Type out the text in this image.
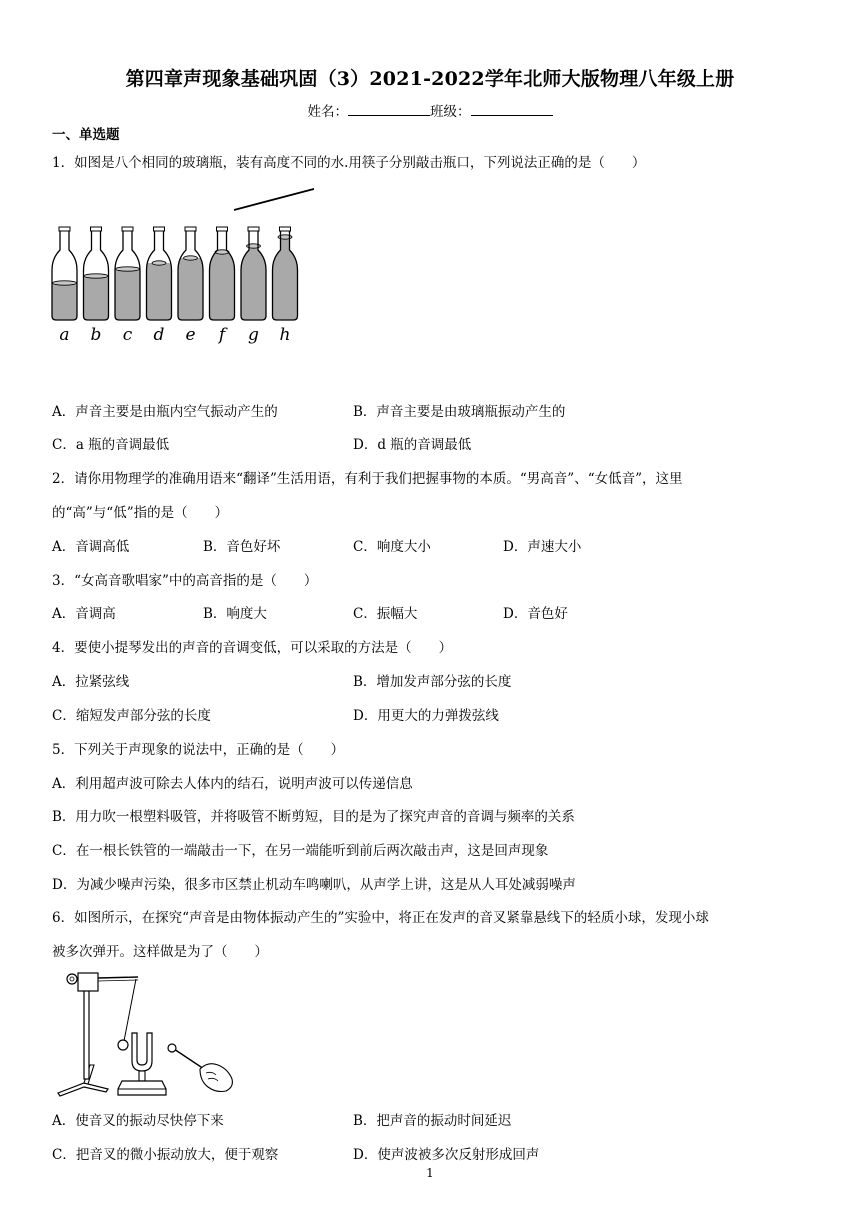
第四章声现象基础巩固（3）2021-2022学年北师大版物理八年级上册
姓名：	班级：
一、单选题
1．如图是八个相同的玻璃瓶，装有高度不同的水.用筷子分别敲击瓶口，下列说法正确的是（　　）
a b c d e f g h
A．声音主要是由瓶内空气振动产生的	B．声音主要是由玻璃瓶振动产生的
C．a 瓶的音调最低	D．d 瓶的音调最低
2．请你用物理学的准确用语来“翻译”生活用语，有利于我们把握事物的本质。“男高音”、“女低音”，这里
的“高”与“低”指的是（　　）
A．音调高低	B．音色好坏	C．响度大小	D．声速大小
3．“女高音歌唱家”中的高音指的是（　　）
A．音调高	B．响度大	C．振幅大	D．音色好
4．要使小提琴发出的声音的音调变低，可以采取的方法是（　　）
A．拉紧弦线	B．增加发声部分弦的长度
C．缩短发声部分弦的长度	D．用更大的力弹拨弦线
5．下列关于声现象的说法中，正确的是（　　）
A．利用超声波可除去人体内的结石，说明声波可以传递信息
B．用力吹一根塑料吸管，并将吸管不断剪短，目的是为了探究声音的音调与频率的关系
C．在一根长铁管的一端敲击一下，在另一端能听到前后两次敲击声，这是回声现象
D．为减少噪声污染，很多市区禁止机动车鸣喇叭，从声学上讲，这是从人耳处减弱噪声
6．如图所示，在探究“声音是由物体振动产生的”实验中，将正在发声的音叉紧靠悬线下的轻质小球，发现小球
被多次弹开。这样做是为了（　　）
A．使音叉的振动尽快停下来	B．把声音的振动时间延迟
C．把音叉的微小振动放大，便于观察	D．使声波被多次反射形成回声
1
